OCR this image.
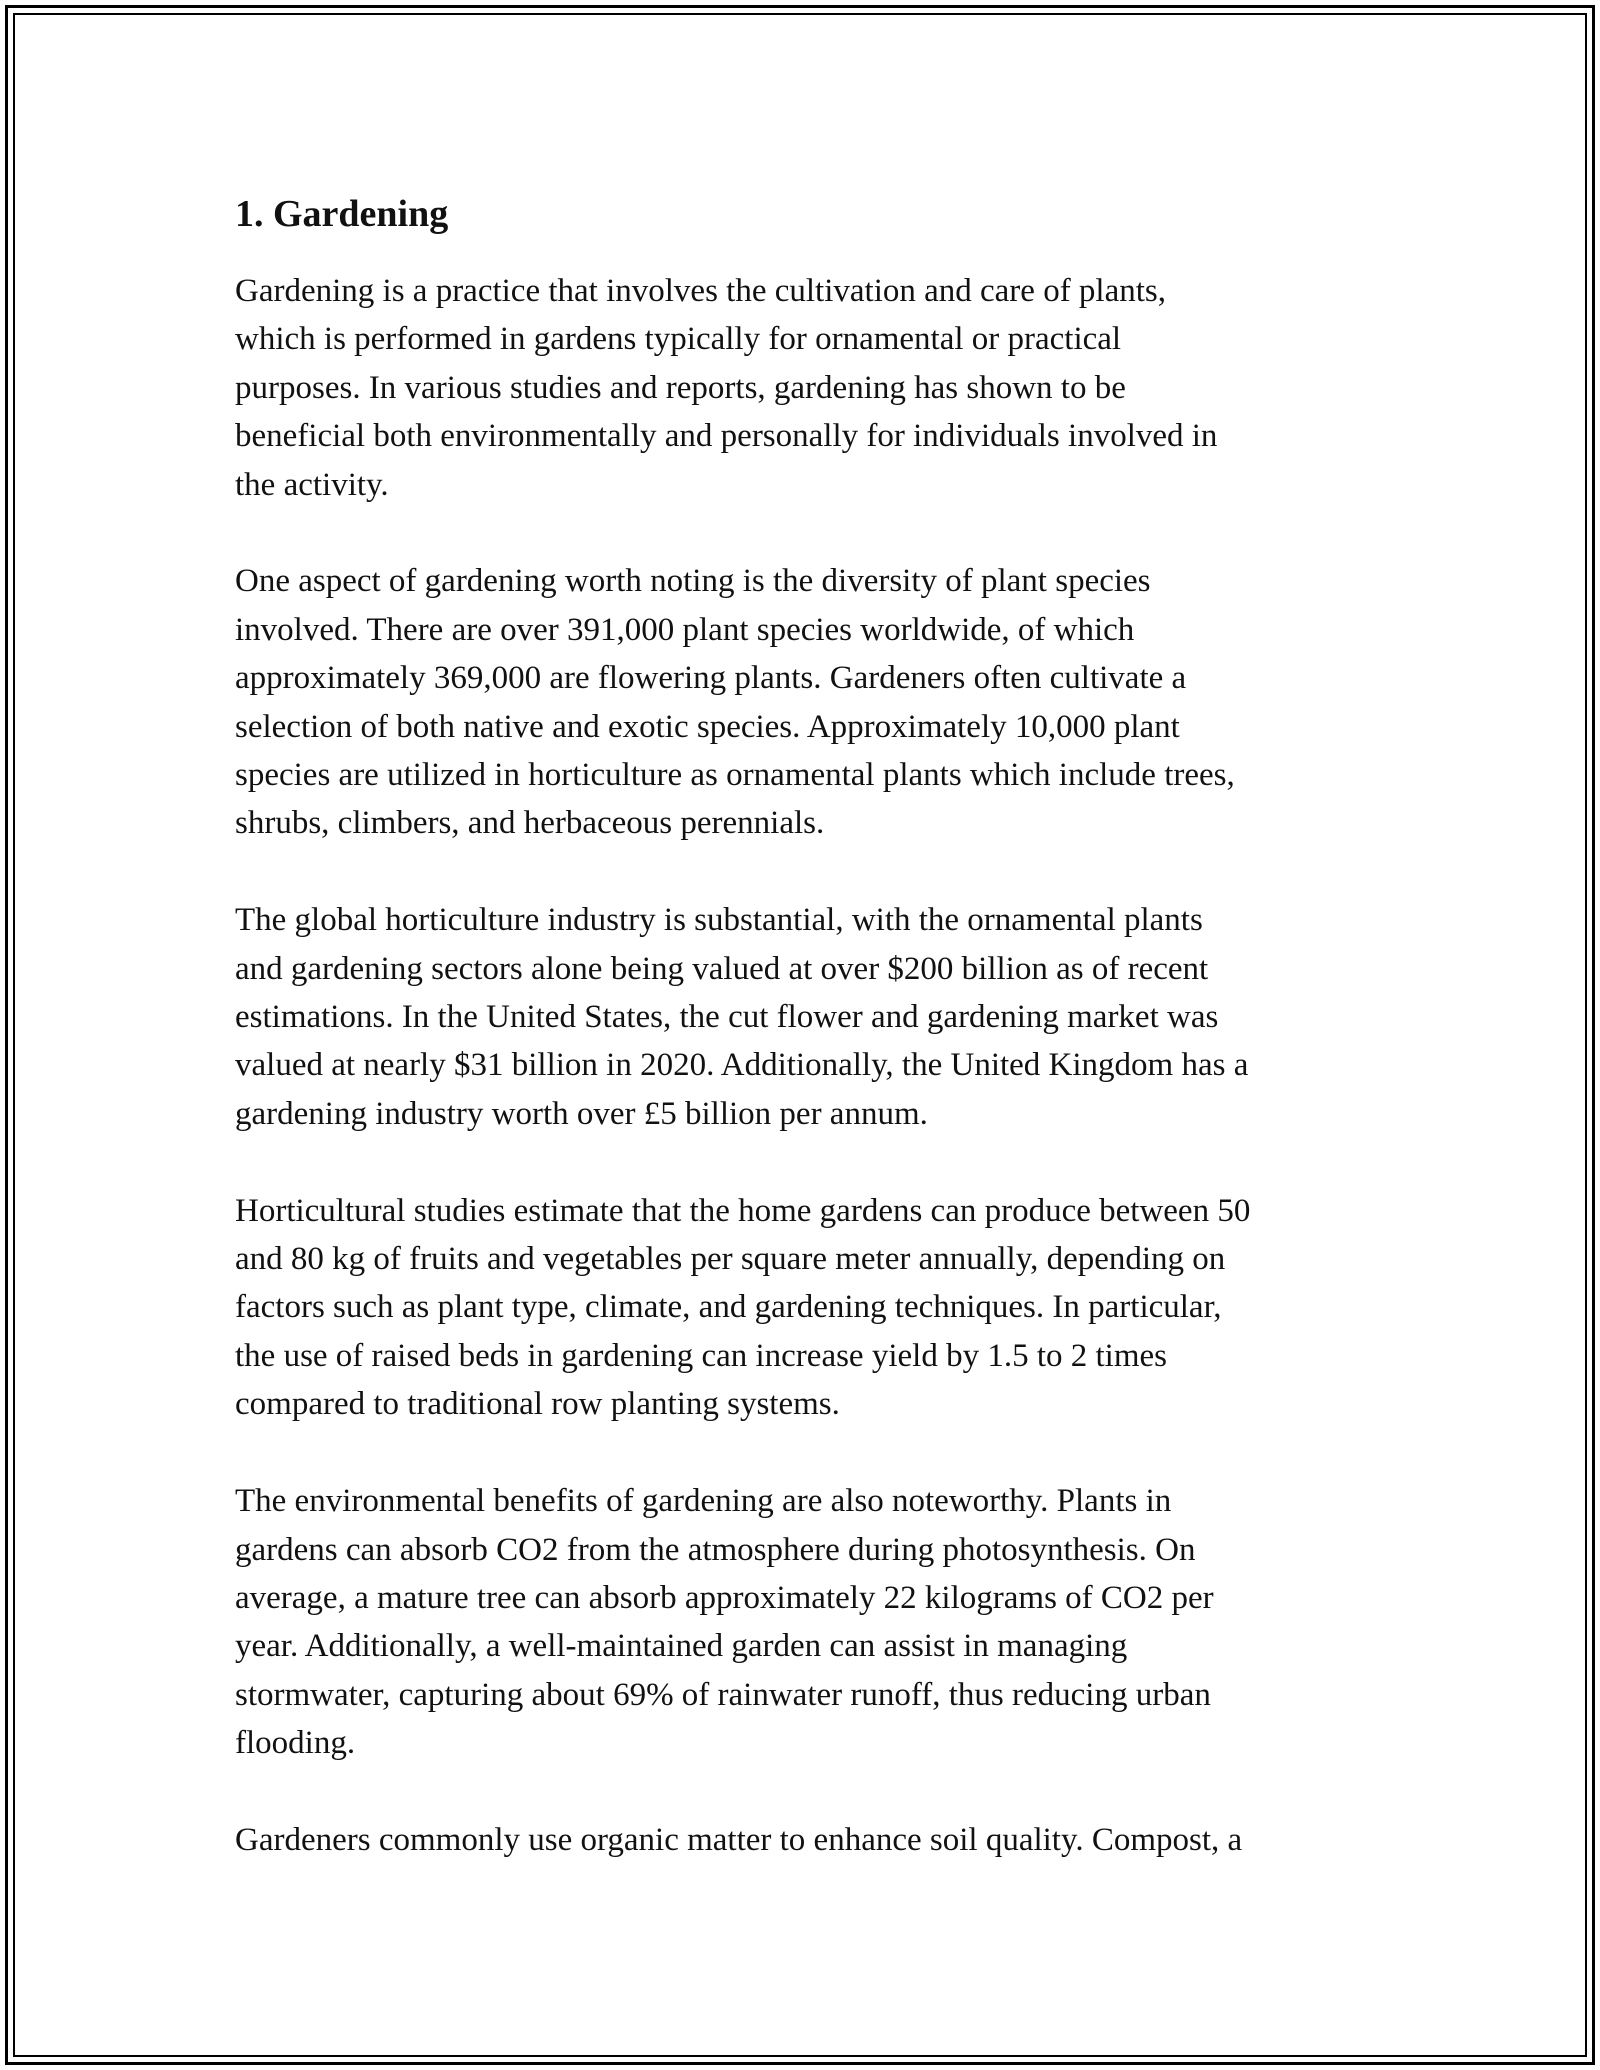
1. Gardening

Gardening is a practice that involves the cultivation and care of plants,
which is performed in gardens typically for ornamental or practical
purposes. In various studies and reports, gardening has shown to be
beneficial both environmentally and personally for individuals involved in
the activity.

One aspect of gardening worth noting is the diversity of plant species
involved. There are over 391,000 plant species worldwide, of which
approximately 369,000 are flowering plants. Gardeners often cultivate a
selection of both native and exotic species. Approximately 10,000 plant
species are utilized in horticulture as ornamental plants which include trees,
shrubs, climbers, and herbaceous perennials.

The global horticulture industry is substantial, with the ornamental plants
and gardening sectors alone being valued at over $200 billion as of recent
estimations. In the United States, the cut flower and gardening market was
valued at nearly $31 billion in 2020. Additionally, the United Kingdom has a
gardening industry worth over £5 billion per annum.

Horticultural studies estimate that the home gardens can produce between 50
and 80 kg of fruits and vegetables per square meter annually, depending on
factors such as plant type, climate, and gardening techniques. In particular,
the use of raised beds in gardening can increase yield by 1.5 to 2 times
compared to traditional row planting systems.

The environmental benefits of gardening are also noteworthy. Plants in
gardens can absorb CO2 from the atmosphere during photosynthesis. On
average, a mature tree can absorb approximately 22 kilograms of CO2 per
year. Additionally, a well-maintained garden can assist in managing
stormwater, capturing about 69% of rainwater runoff, thus reducing urban
flooding.

Gardeners commonly use organic matter to enhance soil quality. Compost, a
